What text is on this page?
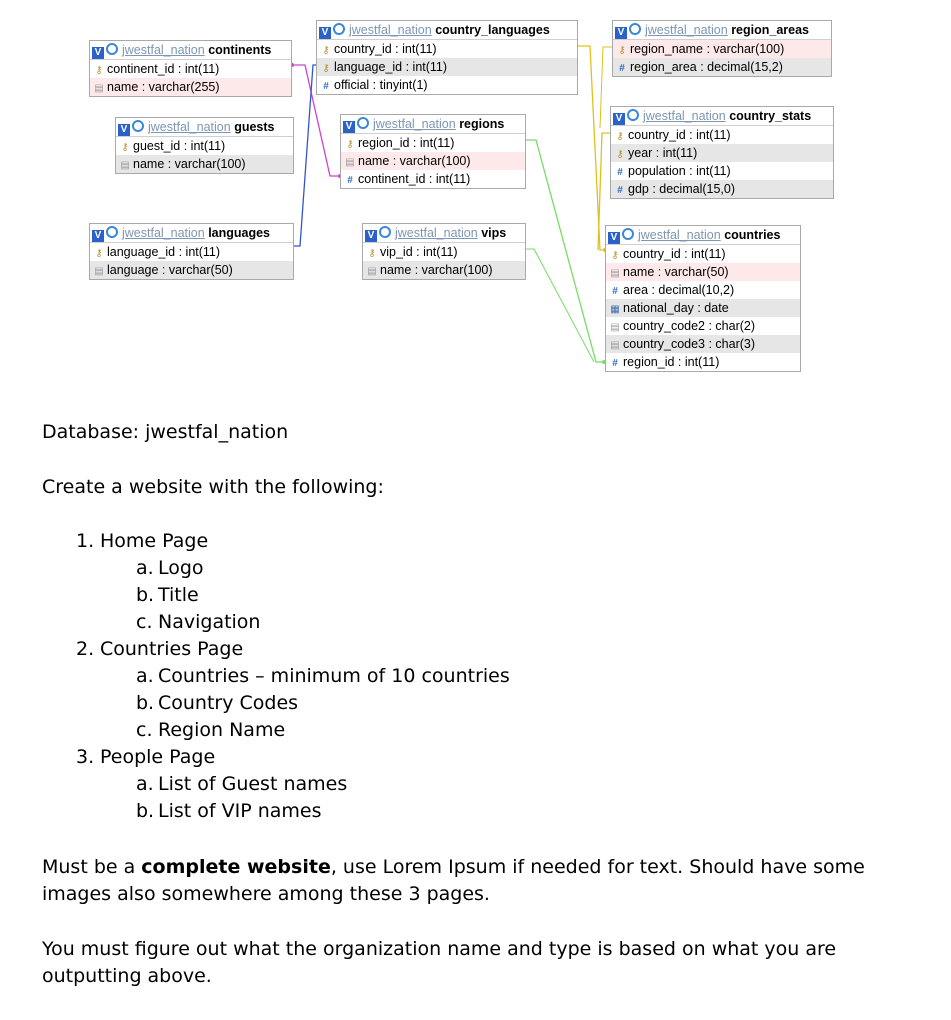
V jwestfal_nation continents
⚷ continent_id : int(11)
▤ name : varchar(255)
V jwestfal_nation guests
⚷ guest_id : int(11)
▤ name : varchar(100)
V jwestfal_nation languages
⚷ language_id : int(11)
▤ language : varchar(50)
V jwestfal_nation country_languages
⚷ country_id : int(11)
⚷ language_id : int(11)
# official : tinyint(1)
V jwestfal_nation regions
⚷ region_id : int(11)
▤ name : varchar(100)
# continent_id : int(11)
V jwestfal_nation vips
⚷ vip_id : int(11)
▤ name : varchar(100)
V jwestfal_nation region_areas
⚷ region_name : varchar(100)
# region_area : decimal(15,2)
V jwestfal_nation country_stats
⚷ country_id : int(11)
⚷ year : int(11)
# population : int(11)
# gdp : decimal(15,0)
V jwestfal_nation countries
⚷ country_id : int(11)
▤ name : varchar(50)
# area : decimal(10,2)
▦ national_day : date
▤ country_code2 : char(2)
▤ country_code3 : char(3)
# region_id : int(11)

Database: jwestfal_nation

Create a website with the following:

1. Home Page
a. Logo
b. Title
c. Navigation
2. Countries Page
a. Countries – minimum of 10 countries
b. Country Codes
c. Region Name
3. People Page
a. List of Guest names
b. List of VIP names

Must be a complete website, use Lorem Ipsum if needed for text. Should have some images also somewhere among these 3 pages.

You must figure out what the organization name and type is based on what you are outputting above.
